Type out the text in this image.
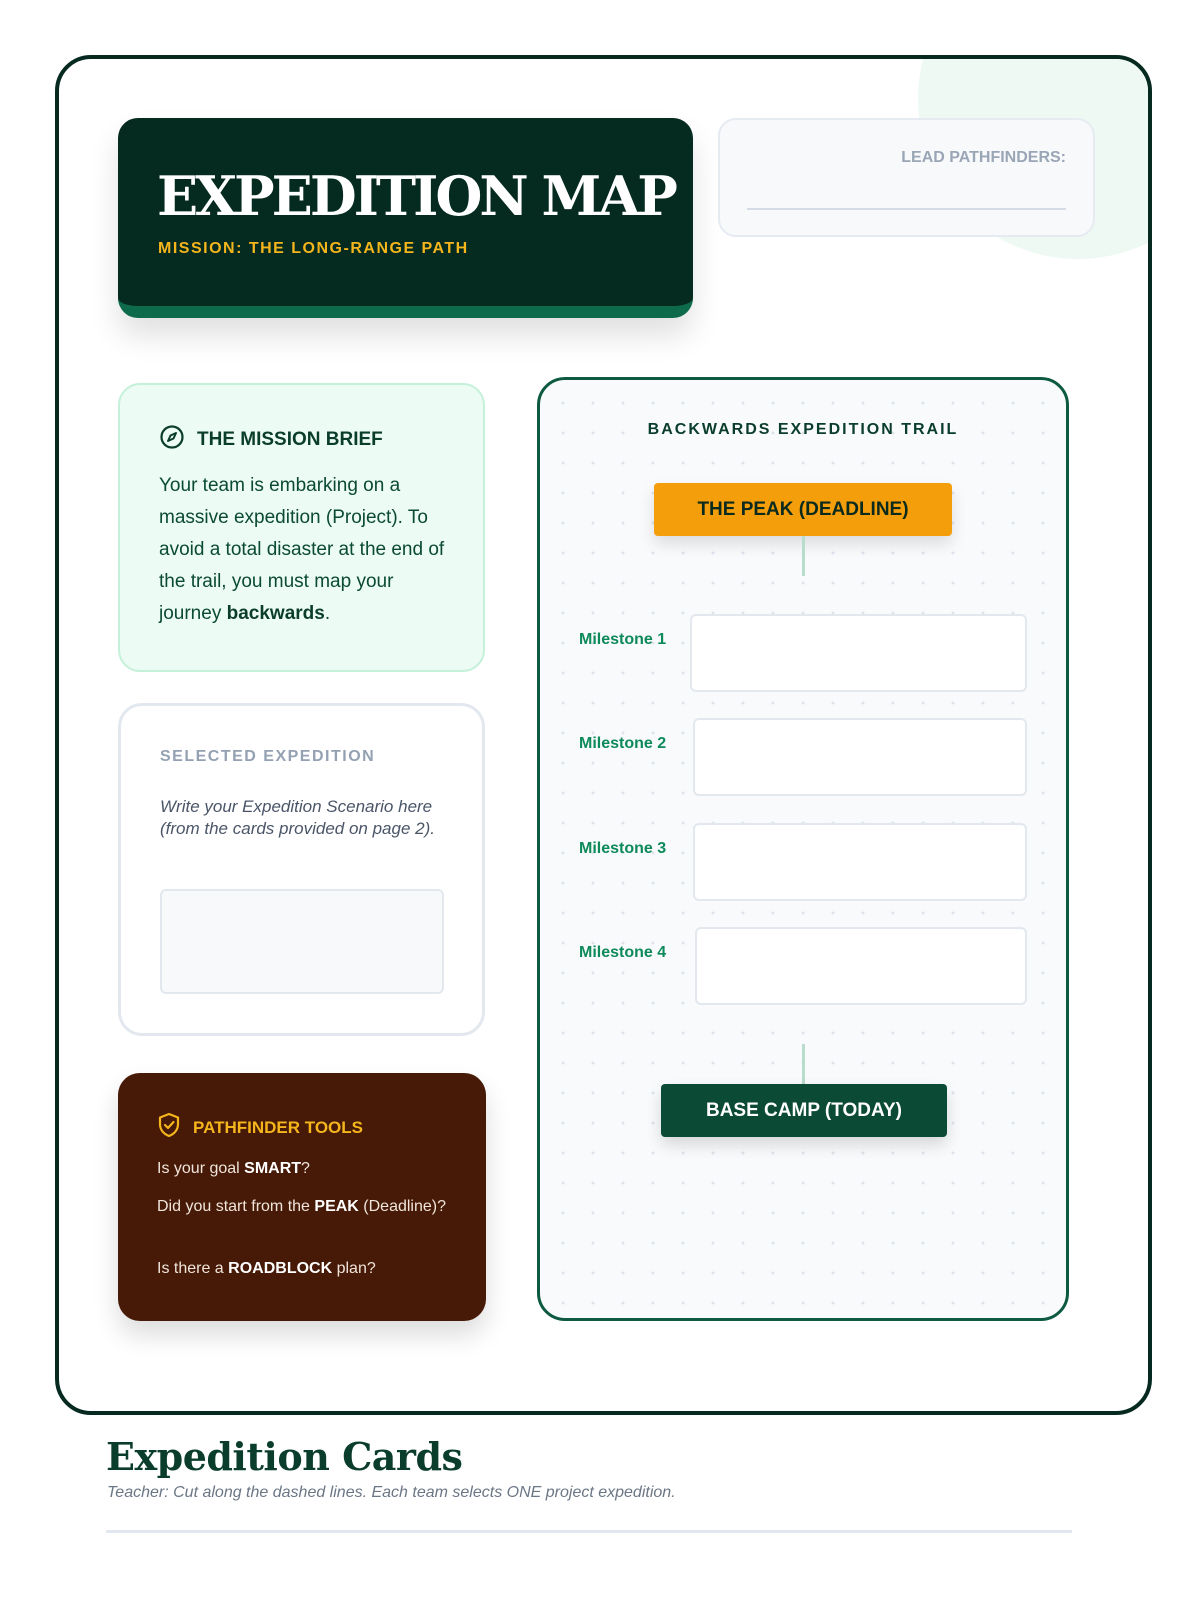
EXPEDITION MAP
MISSION: THE LONG-RANGE PATH
LEAD PATHFINDERS:
THE MISSION BRIEF
Your team is embarking on a massive expedition (Project). To avoid a total disaster at the end of the trail, you must map your journey backwards.
SELECTED EXPEDITION
Write your Expedition Scenario here (from the cards provided on page 2).
PATHFINDER TOOLS
Is your goal SMART?
Did you start from the PEAK (Deadline)?
Is there a ROADBLOCK plan?
BACKWARDS EXPEDITION TRAIL
THE PEAK (DEADLINE)
Milestone 1
Milestone 2
Milestone 3
Milestone 4
BASE CAMP (TODAY)
Expedition Cards
Teacher: Cut along the dashed lines. Each team selects ONE project expedition.
